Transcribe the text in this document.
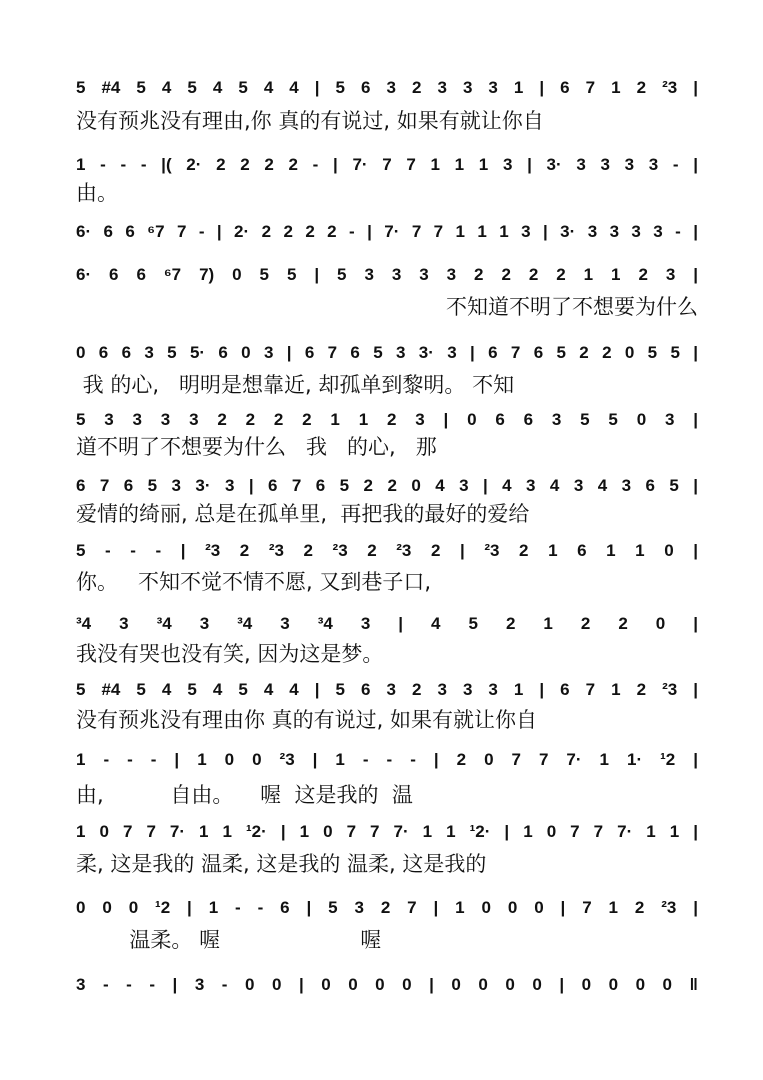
5 #4 5 4 5 4 5 4 4 | 5 6 3 2 3 3 3 1 | 6 7 1 2 ²3 |
没有预兆没有理由,你 真的有说过, 如果有就让你自
1 - - - |( 2· 2 2 2 2 - | 7· 7 7 1 1 1 3 | 3· 3 3 3 3 - |
由。
6· 6 6 ⁶7 7 - | 2· 2 2 2 2 - | 7· 7 7 1 1 1 3 | 3· 3 3 3 3 - |
6· 6 6 ⁶7 7) 0 5 5 | 5 3 3 3 3 2 2 2 2 1 1 2 3 |
不知道不明了不想要为什么
0 6 6 3 5 5· 6 0 3 | 6 7 6 5 3 3· 3 | 6 7 6 5 2 2 0 5 5 |
我 的心,   明明是想靠近, 却孤单到黎明。 不知
5 3 3 3 3 2 2 2 2 1 1 2 3 | 0 6 6 3 5 5 0 3 |
道不明了不想要为什么   我   的心,   那
6 7 6 5 3 3· 3 | 6 7 6 5 2 2 0 4 3 | 4 3 4 3 4 3 6 5 |
爱情的绮丽, 总是在孤单里,  再把我的最好的爱给
5 - - - | ²3 2 ²3 2 ²3 2 ²3 2 | ²3 2 1 6 1 1 0 |
你。   不知不觉不情不愿, 又到巷子口,
³4 3 ³4 3 ³4 3 ³4 3 | 4 5 2 1 2 2 0 |
我没有哭也没有笑, 因为这是梦。
5 #4 5 4 5 4 5 4 4 | 5 6 3 2 3 3 3 1 | 6 7 1 2 ²3 |
没有预兆没有理由你 真的有说过, 如果有就让你自
1 - - - | 1 0 0 ²3 | 1 - - - | 2 0 7 7 7· 1 1· ¹2 |
由,          自由。    喔  这是我的  温
1 0 7 7 7· 1 1 ¹2· | 1 0 7 7 7· 1 1 ¹2· | 1 0 7 7 7· 1 1 |
柔, 这是我的 温柔, 这是我的 温柔, 这是我的
0 0 0 ¹2 | 1 - - 6 | 5 3 2 7 | 1 0 0 0 | 7 1 2 ²3 |
温柔。 喔                     喔
3 - - - | 3 - 0 0 | 0 0 0 0 | 0 0 0 0 | 0 0 0 0 ‖
